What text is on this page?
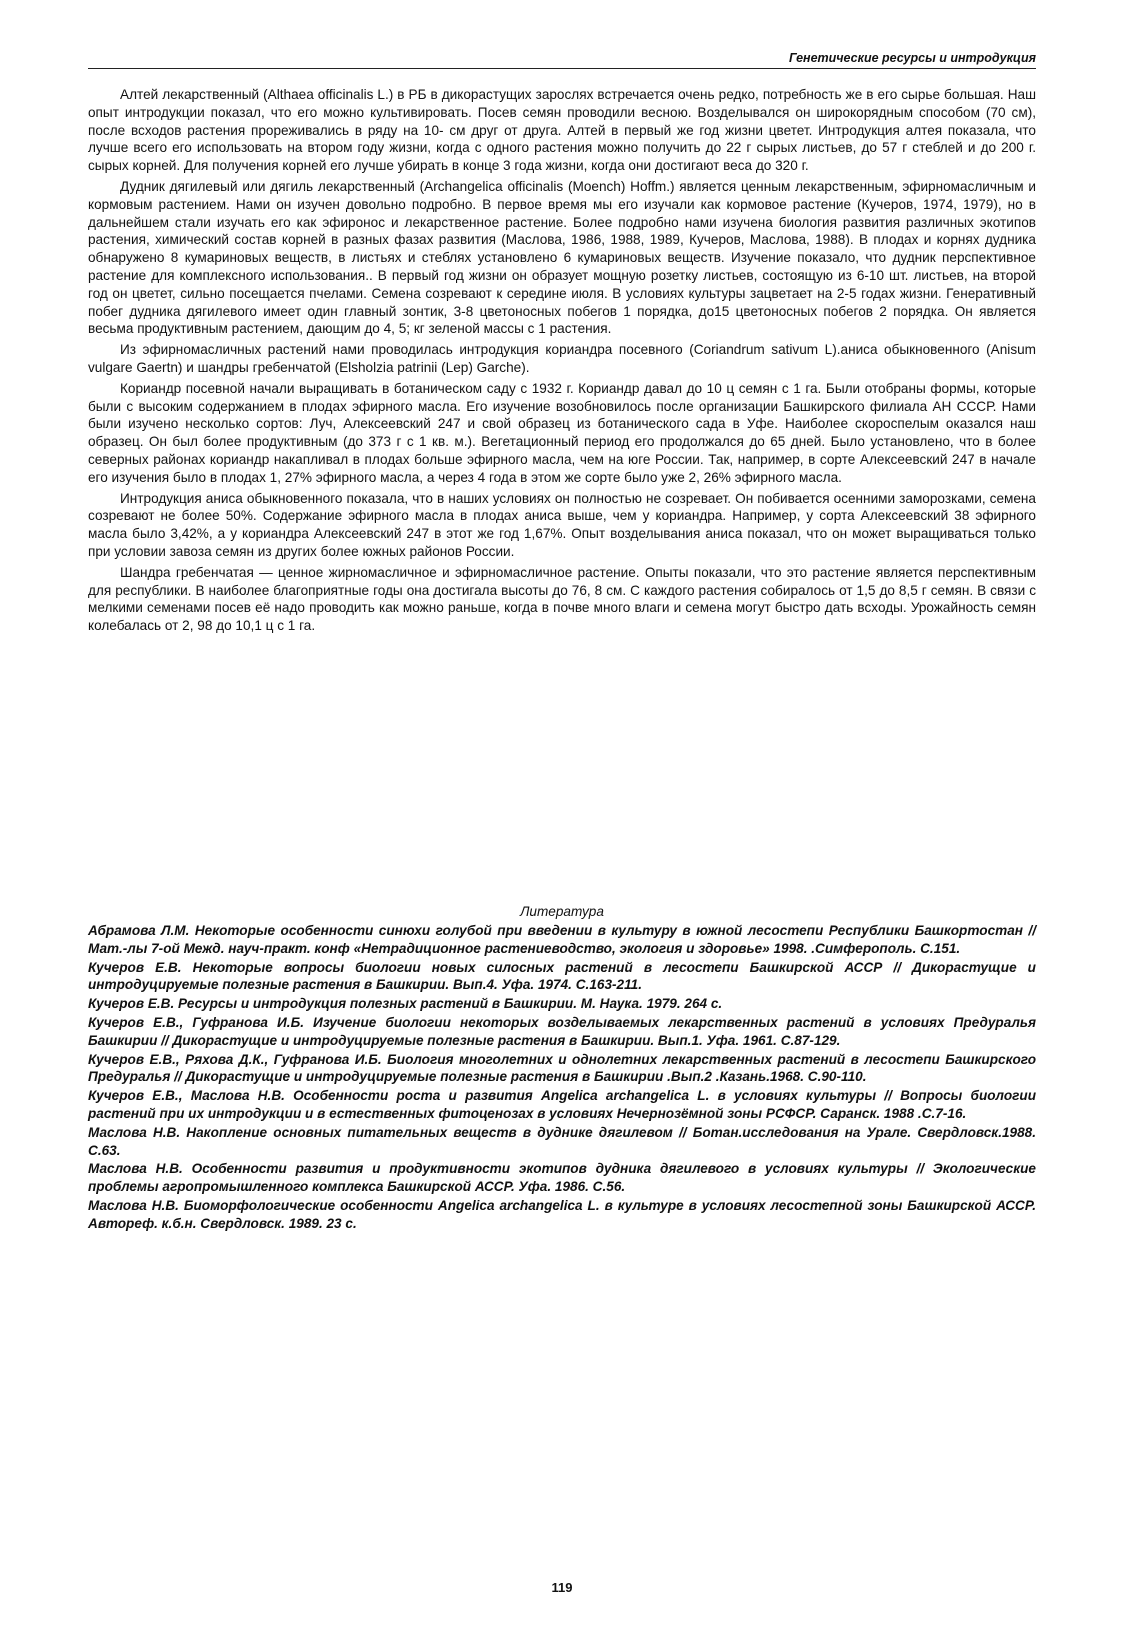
Генетические ресурсы и интродукция

Алтей лекарственный (Althaea officinalis L.) в РБ в дикорастущих зарослях встречается очень редко, потребность же в его сырье большая. Наш опыт интродукции показал, что его можно культивировать. Посев семян проводили весною. Возделывался он широкорядным способом (70 см), после всходов растения прореживались в ряду на 10- см друг от друга. Алтей в первый же год жизни цветет. Интродукция алтея показала, что лучше всего его использовать на втором году жизни, когда с одного растения можно получить до 22 г сырых листьев, до 57 г стеблей и до 200 г. сырых корней. Для получения корней его лучше убирать в конце 3 года жизни, когда они достигают веса до 320 г.

Дудник дягилевый или дягиль лекарственный (Archangelica officinalis (Moench) Hoffm.) является ценным лекарственным, эфирномасличным и кормовым растением. Нами он изучен довольно подробно. В первое время мы его изучали как кормовое растение (Кучеров, 1974, 1979), но в дальнейшем стали изучать его как эфиронос и лекарственное растение. Более подробно нами изучена биология развития различных экотипов растения, химический состав корней в разных фазах развития (Маслова, 1986, 1988, 1989, Кучеров, Маслова, 1988). В плодах и корнях дудника обнаружено 8 кумариновых веществ, в листьях и стеблях установлено 6 кумариновых веществ. Изучение показало, что дудник перспективное растение для комплексного использования.. В первый год жизни он образует мощную розетку листьев, состоящую из 6-10 шт. листьев, на второй год он цветет, сильно посещается пчелами. Семена созревают к середине июля. В условиях культуры зацветает на 2-5 годах жизни. Генеративный побег дудника дягилевого имеет один главный зонтик, 3-8 цветоносных побегов 1 порядка, до15 цветоносных побегов 2 порядка. Он является весьма продуктивным растением, дающим до 4, 5; кг зеленой массы с 1 растения.

Из эфирномасличных растений нами проводилась интродукция кориандра посевного (Coriandrum sativum L).аниса обыкновенного (Anisum vulgare Gaertn) и шандры гребенчатой (Elsholzia patrinii (Lep) Garche).

Кориандр посевной начали выращивать в ботаническом саду с 1932 г. Кориандр давал до 10 ц семян с 1 га. Были отобраны формы, которые были с высоким содержанием в плодах эфирного масла. Его изучение возобновилось после организации Башкирского филиала АН СССР. Нами были изучено несколько сортов: Луч, Алексеевский 247 и свой образец из ботанического сада в Уфе. Наиболее скороспелым оказался наш образец. Он был более продуктивным (до 373 г с 1 кв. м.). Вегетационный период его продолжался до 65 дней. Было установлено, что в более северных районах кориандр накапливал в плодах больше эфирного масла, чем на юге России. Так, например, в сорте Алексеевский 247 в начале его изучения было в плодах 1, 27% эфирного масла, а через 4 года в этом же сорте было уже 2, 26% эфирного масла.

Интродукция аниса обыкновенного показала, что в наших условиях он полностью не созревает. Он побивается осенними заморозками, семена созревают не более 50%. Содержание эфирного масла в плодах аниса выше, чем у кориандра. Например, у сорта Алексеевский 38 эфирного масла было 3,42%, а у кориандра Алексеевский 247 в этот же год 1,67%. Опыт возделывания аниса показал, что он может выращиваться только при условии завоза семян из других более южных районов России.

Шандра гребенчатая — ценное жирномасличное и эфирномасличное растение. Опыты показали, что это растение является перспективным для республики. В наиболее благоприятные годы она достигала высоты до 76, 8 см. С каждого растения собиралось от 1,5 до 8,5 г семян. В связи с мелкими семенами посев её надо проводить как можно раньше, когда в почве много влаги и семена могут быстро дать всходы. Урожайность семян колебалась от 2, 98 до 10,1 ц с 1 га.

Литература

Абрамова Л.М. Некоторые особенности синюхи голубой при введении в культуру в южной лесостепи Республики Башкортостан // Мат.-лы 7-ой Межд. науч-практ. конф «Нетрадиционное растениеводство, экология и здоровье» 1998. .Симферополь. С.151.

Кучеров Е.В. Некоторые вопросы биологии новых силосных растений в лесостепи Башкирской АССР // Дикорастущие и интродуцируемые полезные растения в Башкирии. Вып.4. Уфа. 1974. С.163-211.

Кучеров Е.В. Ресурсы и интродукция полезных растений в Башкирии. М. Наука. 1979. 264 с.

Кучеров Е.В., Гуфранова И.Б. Изучение биологии некоторых возделываемых лекарственных растений в условиях Предуралья Башкирии // Дикорастущие и интродуцируемые полезные растения в Башкирии. Вып.1. Уфа. 1961. С.87-129.

Кучеров Е.В., Ряхова Д.К., Гуфранова И.Б. Биология многолетних и однолетних лекарственных растений в лесостепи Башкирского Предуралья // Дикорастущие и интродуцируемые полезные растения в Башкирии .Вып.2 .Казань.1968. С.90-110.

Кучеров Е.В., Маслова Н.В. Особенности роста и развития Angelica archangelica L. в условиях культуры // Вопросы биологии растений при их интродукции и в естественных фитоценозах в условиях Нечернозёмной зоны РСФСР. Саранск. 1988 .С.7-16.

Маслова Н.В. Накопление основных питательных веществ в дуднике дягилевом // Ботан.исследования на Урале. Свердловск.1988. С.63.

Маслова Н.В. Особенности развития и продуктивности экотипов дудника дягилевого в условиях культуры // Экологические проблемы агропромышленного комплекса Башкирской АССР. Уфа. 1986. С.56.

Маслова Н.В. Биоморфологические особенности Angelica archangelica L. в культуре в условиях лесостепной зоны Башкирской АССР. Автореф. к.б.н. Свердловск. 1989. 23 с.

119
